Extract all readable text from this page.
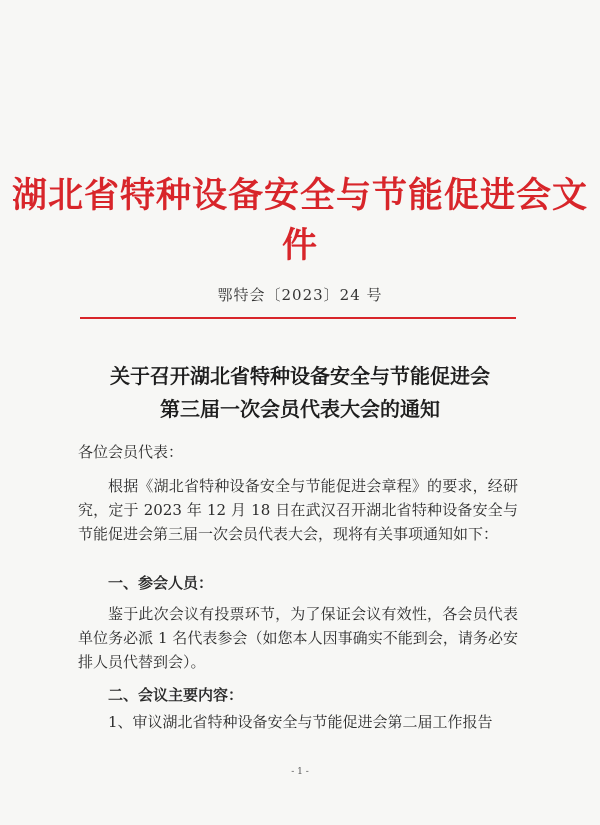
湖北省特种设备安全与节能促进会文件
鄂特会〔2023〕24 号
关于召开湖北省特种设备安全与节能促进会
第三届一次会员代表大会的通知
各位会员代表：
根据《湖北省特种设备安全与节能促进会章程》的要求，经研究，定于 2023 年 12 月 18 日在武汉召开湖北省特种设备安全与节能促进会第三届一次会员代表大会，现将有关事项通知如下：
一、参会人员：
鉴于此次会议有投票环节，为了保证会议有效性，各会员代表单位务必派 1 名代表参会（如您本人因事确实不能到会，请务必安排人员代替到会）。
二、会议主要内容：
1、审议湖北省特种设备安全与节能促进会第二届工作报告
- 1 -
